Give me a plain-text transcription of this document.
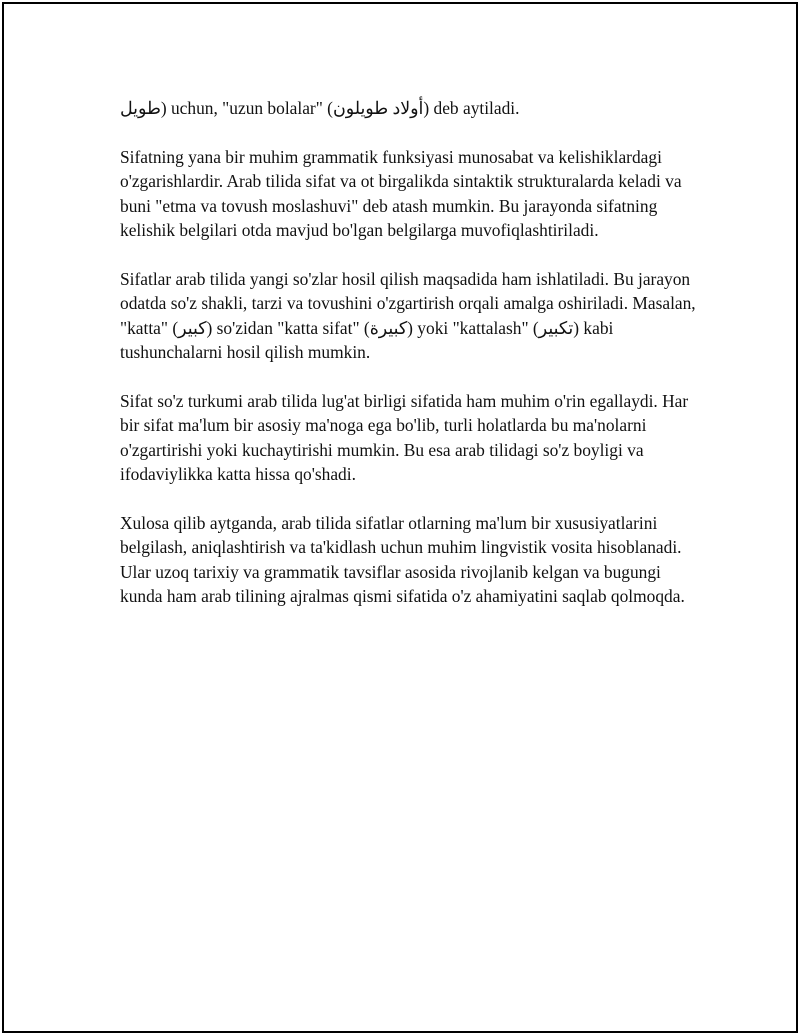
طويل) uchun, "uzun bolalar" (أولاد طويلون) deb aytiladi.

Sifatning yana bir muhim grammatik funksiyasi munosabat va kelishiklardagi o'zgarishlardir. Arab tilida sifat va ot birgalikda sintaktik strukturalarda keladi va buni "etma va tovush moslashuvi" deb atash mumkin. Bu jarayonda sifatning kelishik belgilari otda mavjud bo'lgan belgilarga muvofiqlashtiriladi.

Sifatlar arab tilida yangi so'zlar hosil qilish maqsadida ham ishlatiladi. Bu jarayon odatda so'z shakli, tarzi va tovushini o'zgartirish orqali amalga oshiriladi. Masalan, "katta" (كبير) so'zidan "katta sifat" (كبيرة) yoki "kattalash" (تكبير) kabi tushunchalarni hosil qilish mumkin.

Sifat so'z turkumi arab tilida lug'at birligi sifatida ham muhim o'rin egallaydi. Har bir sifat ma'lum bir asosiy ma'noga ega bo'lib, turli holatlarda bu ma'nolarni o'zgartirishi yoki kuchaytirishi mumkin. Bu esa arab tilidagi so'z boyligi va ifodaviylikka katta hissa qo'shadi.

Xulosa qilib aytganda, arab tilida sifatlar otlarning ma'lum bir xususiyatlarini belgilash, aniqlashtirish va ta'kidlash uchun muhim lingvistik vosita hisoblanadi. Ular uzoq tarixiy va grammatik tavsiflar asosida rivojlanib kelgan va bugungi kunda ham arab tilining ajralmas qismi sifatida o'z ahamiyatini saqlab qolmoqda.
